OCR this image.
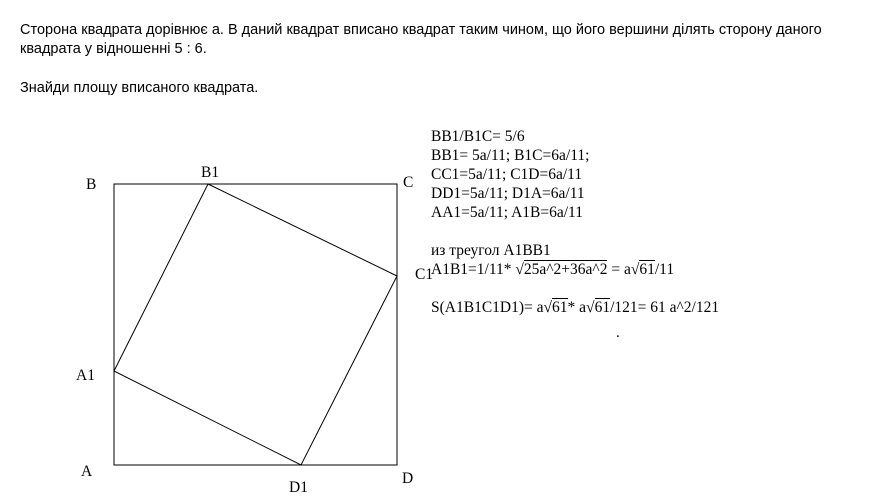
Сторона квадрата дорівнює a. В даний квадрат вписано квадрат таким чином, що його вершини ділять сторону даного квадрата у відношенні 5 : 6.

Знайди площу вписаного квадрата.

B
B1
C
C1
A1
A
D1
D
BB1/B1C= 5/6
BB1= 5a/11; B1C=6a/11;
CC1=5a/11; C1D=6a/11
DD1=5a/11; D1A=6a/11
AA1=5a/11; A1B=6a/11
из треугол A1BB1
A1B1=1/11* √25a^2+36a^2 = a√61/11
S(A1B1C1D1)= a√61* a√61/121= 61 a^2/121
.
